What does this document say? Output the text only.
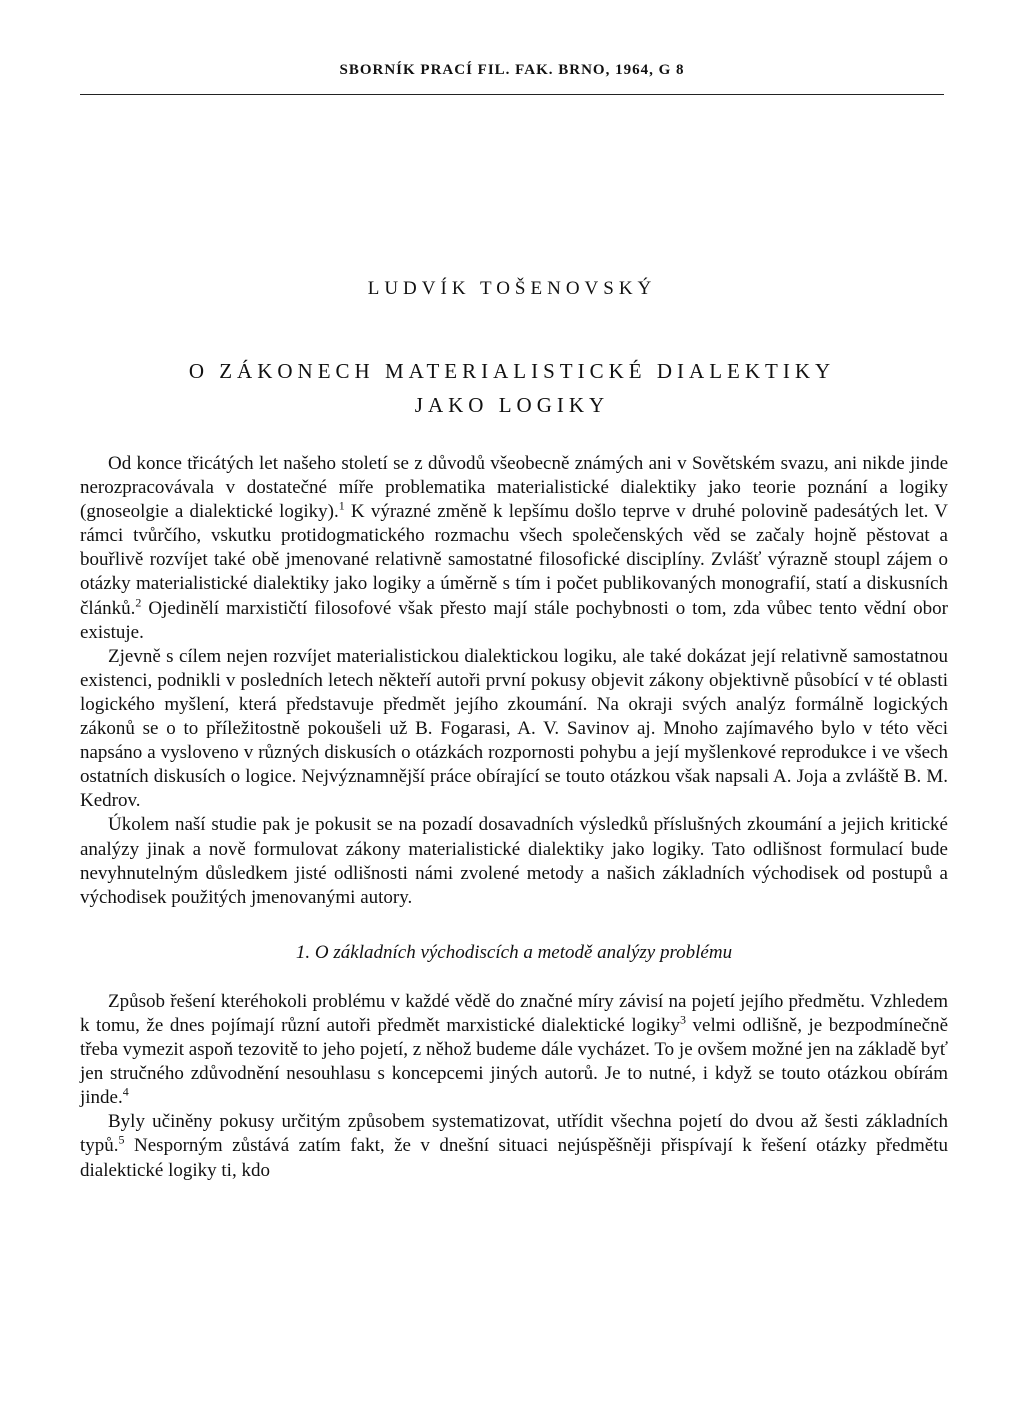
SBORNÍK PRACÍ FIL. FAK. BRNO, 1964, G 8
LUDVÍK TOŠENOVSKÝ
O ZÁKONECH MATERIALISTICKÉ DIALEKTIKY
JAKO LOGIKY

Od konce třicátých let našeho století se z důvodů všeobecně známých ani v Sovětském svazu, ani nikde jinde nerozpracovávala v dostatečné míře problematika materialistické dialektiky jako teorie poznání a logiky (gnoseolgie a dialektické logiky).$^1$ K výrazné změně k lepšímu došlo teprve v druhé polovině padesátých let. V rámci tvůrčího, vskutku protidogmatického rozmachu všech společenských věd se začaly hojně pěstovat a bouřlivě rozvíjet také obě jmenované relativně samostatné filosofické disciplíny. Zvlášť výrazně stoupl zájem o otázky materialistické dialektiky jako logiky a úměrně s tím i počet publikovaných monografií, statí a diskusních článků.$^2$ Ojedinělí marxističtí filosofové však přesto mají stále pochybnosti o tom, zda vůbec tento vědní obor existuje.

Zjevně s cílem nejen rozvíjet materialistickou dialektickou logiku, ale také dokázat její relativně samostatnou existenci, podnikli v posledních letech někteří autoři první pokusy objevit zákony objektivně působící v té oblasti logického myšlení, která představuje předmět jejího zkoumání. Na okraji svých analýz formálně logických zákonů se o to příležitostně pokoušeli už B. Fogarasi, A. V. Savinov aj. Mnoho zajímavého bylo v této věci napsáno a vysloveno v různých diskusích o otázkách rozpornosti pohybu a její myšlenkové reprodukce i ve všech ostatních diskusích o logice. Nejvýznamnější práce obírající se touto otázkou však napsali A. Joja a zvláště B. M. Kedrov.

Úkolem naší studie pak je pokusit se na pozadí dosavadních výsledků příslušných zkoumání a jejich kritické analýzy jinak a nově formulovat zákony materialistické dialektiky jako logiky. Tato odlišnost formulací bude nevyhnutelným důsledkem jisté odlišnosti námi zvolené metody a našich základních východisek od postupů a východisek použitých jmenovanými autory.

1. O základních východiscích a metodě analýzy problému

Způsob řešení kteréhokoli problému v každé vědě do značné míry závisí na pojetí jejího předmětu. Vzhledem k tomu, že dnes pojímají různí autoři předmět marxistické dialektické logiky$^3$ velmi odlišně, je bezpodmínečně třeba vymezit aspoň tezovitě to jeho pojetí, z něhož budeme dále vycházet. To je ovšem možné jen na základě byť jen stručného zdůvodnění nesouhlasu s koncepcemi jiných autorů. Je to nutné, i když se touto otázkou obírám jinde.$^4$

Byly učiněny pokusy určitým způsobem systematizovat, utřídit všechna pojetí do dvou až šesti základních typů.$^5$ Nesporným zůstává zatím fakt, že v dnešní situaci nejúspěšněji přispívají k řešení otázky předmětu dialektické logiky ti, kdo
